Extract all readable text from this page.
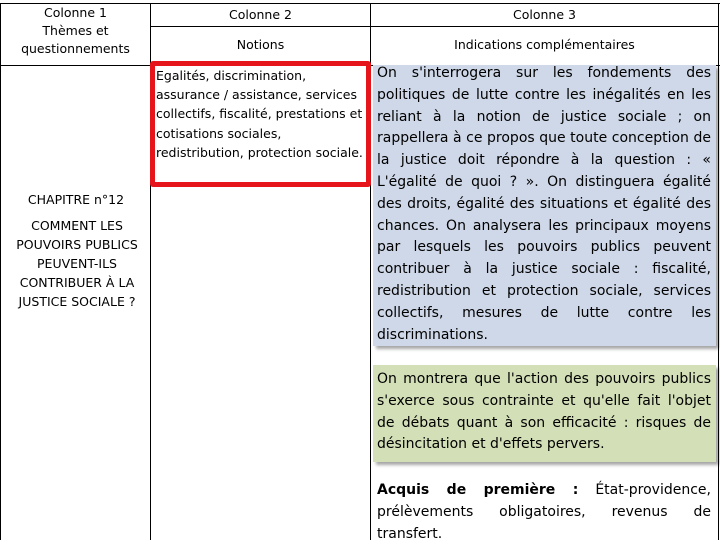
Colonne 1
Thèmes et questionnements
Colonne 2
Notions
Colonne 3
Indications complémentaires
CHAPITRE n°12
COMMENT LES POUVOIRS PUBLICS PEUVENT-ILS CONTRIBUER À LA JUSTICE SOCIALE ?
Egalités, discrimination, assurance / assistance, services collectifs, fiscalité, prestations et cotisations sociales, redistribution, protection sociale.
On s'interrogera sur les fondements des politiques de lutte contre les inégalités en les reliant à la notion de justice sociale ; on rappellera à ce propos que toute conception de la justice doit répondre à la question : « L'égalité de quoi ? ». On distinguera égalité des droits, égalité des situations et égalité des chances. On analysera les principaux moyens par lesquels les pouvoirs publics peuvent contribuer à la justice sociale : fiscalité, redistribution et protection sociale, services collectifs, mesures de lutte contre les discriminations.
On montrera que l'action des pouvoirs publics s'exerce sous contrainte et qu'elle fait l'objet de débats quant à son efficacité : risques de désincitation et d'effets pervers.
Acquis de première : État-providence, prélèvements obligatoires, revenus de transfert.
